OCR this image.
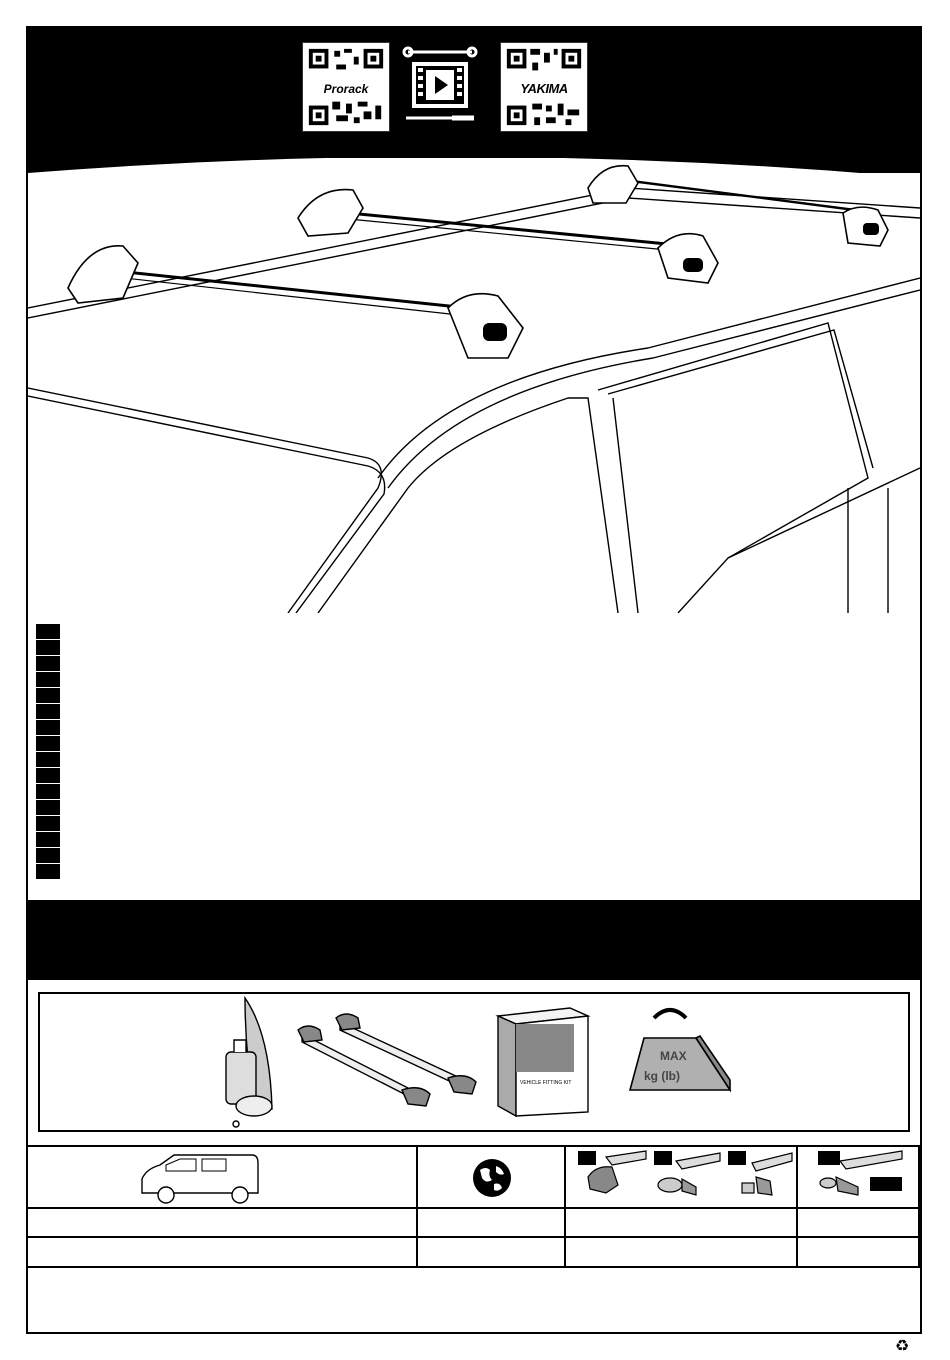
Prorack	YAKIMA
VEHICLE FITTING KIT
MAX
kg (lb)
♻
